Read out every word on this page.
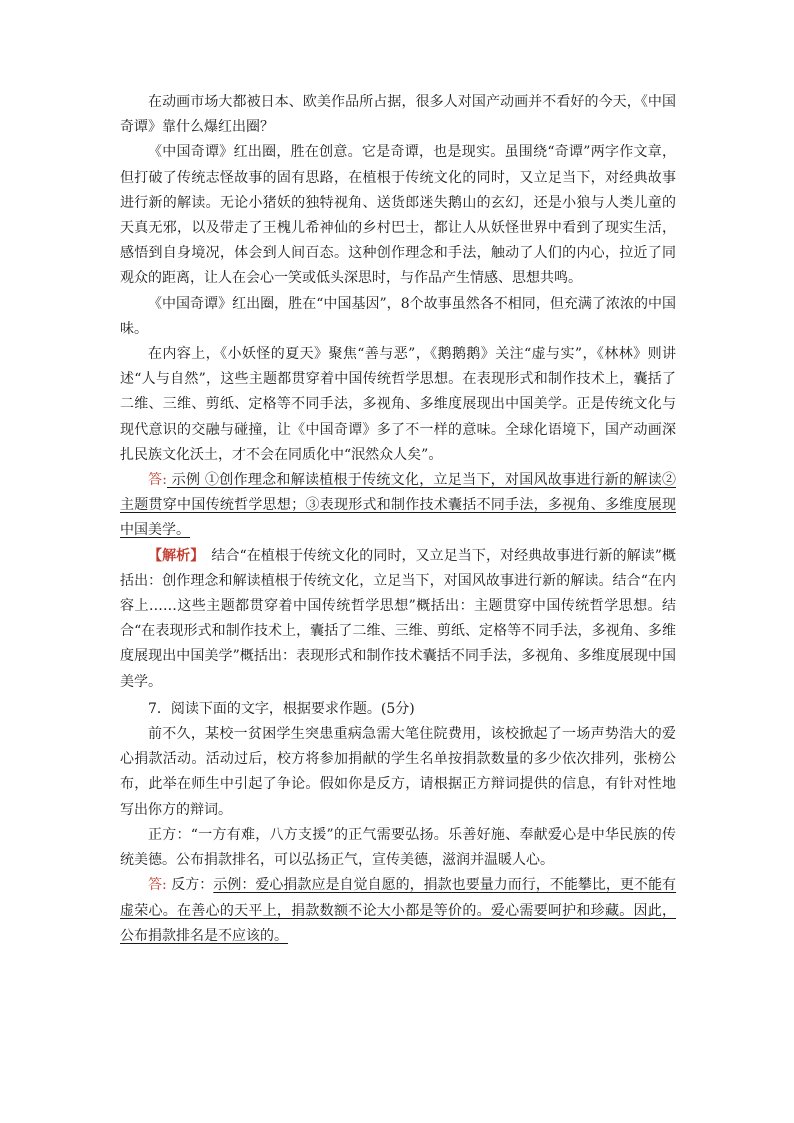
在动画市场大都被日本、欧美作品所占据，很多人对国产动画并不看好的今天，《中国奇谭》靠什么爆红出圈？

《中国奇谭》红出圈，胜在创意。它是奇谭，也是现实。虽围绕“奇谭”两字作文章，但打破了传统志怪故事的固有思路，在植根于传统文化的同时，又立足当下，对经典故事进行新的解读。无论小猪妖的独特视角、送货郎迷失鹅山的玄幻，还是小狼与人类儿童的天真无邪，以及带走了王槐儿希神仙的乡村巴士，都让人从妖怪世界中看到了现实生活，感悟到自身境况，体会到人间百态。这种创作理念和手法，触动了人们的内心，拉近了同观众的距离，让人在会心一笑或低头深思时，与作品产生情感、思想共鸣。

《中国奇谭》红出圈，胜在“中国基因”，8个故事虽然各不相同，但充满了浓浓的中国味。

在内容上，《小妖怪的夏天》聚焦“善与恶”，《鹅鹅鹅》关注“虚与实”，《林林》则讲述“人与自然”，这些主题都贯穿着中国传统哲学思想。在表现形式和制作技术上，囊括了二维、三维、剪纸、定格等不同手法，多视角、多维度展现出中国美学。正是传统文化与现代意识的交融与碰撞，让《中国奇谭》多了不一样的意味。全球化语境下，国产动画深扎民族文化沃土，才不会在同质化中“泯然众人矣”。

答: 示例 ①创作理念和解读植根于传统文化，立足当下，对国风故事进行新的解读② 主题贯穿中国传统哲学思想；③表现形式和制作技术囊括不同手法，多视角、多维度展现中国美学。

【解析】　结合“在植根于传统文化的同时，又立足当下，对经典故事进行新的解读”概括出：创作理念和解读植根于传统文化，立足当下，对国风故事进行新的解读。结合“在内容上……这些主题都贯穿着中国传统哲学思想”概括出：主题贯穿中国传统哲学思想。结合“在表现形式和制作技术上，囊括了二维、三维、剪纸、定格等不同手法，多视角、多维度展现出中国美学”概括出：表现形式和制作技术囊括不同手法，多视角、多维度展现中国美学。

7．阅读下面的文字，根据要求作题。(5分)

前不久，某校一贫困学生突患重病急需大笔住院费用，该校掀起了一场声势浩大的爱心捐款活动。活动过后，校方将参加捐献的学生名单按捐款数量的多少依次排列，张榜公布，此举在师生中引起了争论。假如你是反方，请根据正方辩词提供的信息，有针对性地写出你方的辩词。

正方：“一方有难，八方支援”的正气需要弘扬。乐善好施、奉献爱心是中华民族的传统美德。公布捐款排名，可以弘扬正气，宣传美德，滋润并温暖人心。

答: 反方：示例：爱心捐款应是自觉自愿的，捐款也要量力而行，不能攀比，更不能有虚荣心。在善心的天平上，捐款数额不论大小都是等价的。爱心需要呵护和珍藏。因此，公布捐款排名是不应该的。
